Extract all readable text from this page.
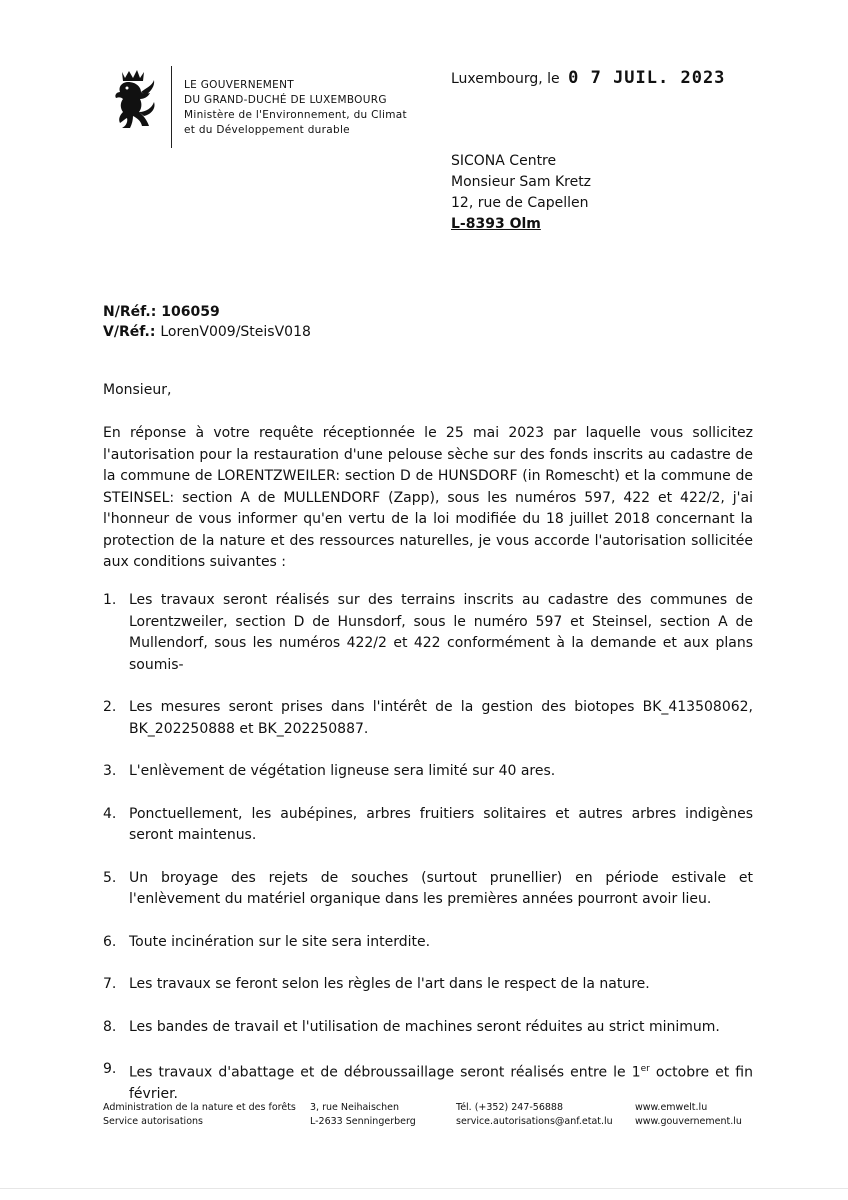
LE GOUVERNEMENT
DU GRAND-DUCHÉ DE LUXEMBOURG
Ministère de l'Environnement, du Climat
et du Développement durable
Luxembourg, le 0 7 JUIL. 2023
SICONA Centre
Monsieur Sam Kretz
12, rue de Capellen
L-8393 Olm
N/Réf.: 106059
V/Réf.: LorenV009/SteisV018
Monsieur,
En réponse à votre requête réceptionnée le 25 mai 2023 par laquelle vous sollicitez l'autorisation pour la restauration d'une pelouse sèche sur des fonds inscrits au cadastre de la commune de LORENTZWEILER: section D de HUNSDORF (in Romescht) et la commune de STEINSEL: section A de MULLENDORF (Zapp), sous les numéros 597, 422 et 422/2, j'ai l'honneur de vous informer qu'en vertu de la loi modifiée du 18 juillet 2018 concernant la protection de la nature et des ressources naturelles, je vous accorde l'autorisation sollicitée aux conditions suivantes :
1. Les travaux seront réalisés sur des terrains inscrits au cadastre des communes de Lorentzweiler, section D de Hunsdorf, sous le numéro 597 et Steinsel, section A de Mullendorf, sous les numéros 422/2 et 422 conformément à la demande et aux plans soumis-
2. Les mesures seront prises dans l'intérêt de la gestion des biotopes BK_413508062, BK_202250888 et BK_202250887.
3. L'enlèvement de végétation ligneuse sera limité sur 40 ares.
4. Ponctuellement, les aubépines, arbres fruitiers solitaires et autres arbres indigènes seront maintenus.
5. Un broyage des rejets de souches (surtout prunellier) en période estivale et l'enlèvement du matériel organique dans les premières années pourront avoir lieu.
6. Toute incinération sur le site sera interdite.
7. Les travaux se feront selon les règles de l'art dans le respect de la nature.
8. Les bandes de travail et l'utilisation de machines seront réduites au strict minimum.
9. Les travaux d'abattage et de débroussaillage seront réalisés entre le 1er octobre et fin février.
Administration de la nature et des forêts
Service autorisations
3, rue Neihaischen
L-2633 Senningerberg
Tél. (+352) 247-56888
service.autorisations@anf.etat.lu
www.emwelt.lu
www.gouvernement.lu
